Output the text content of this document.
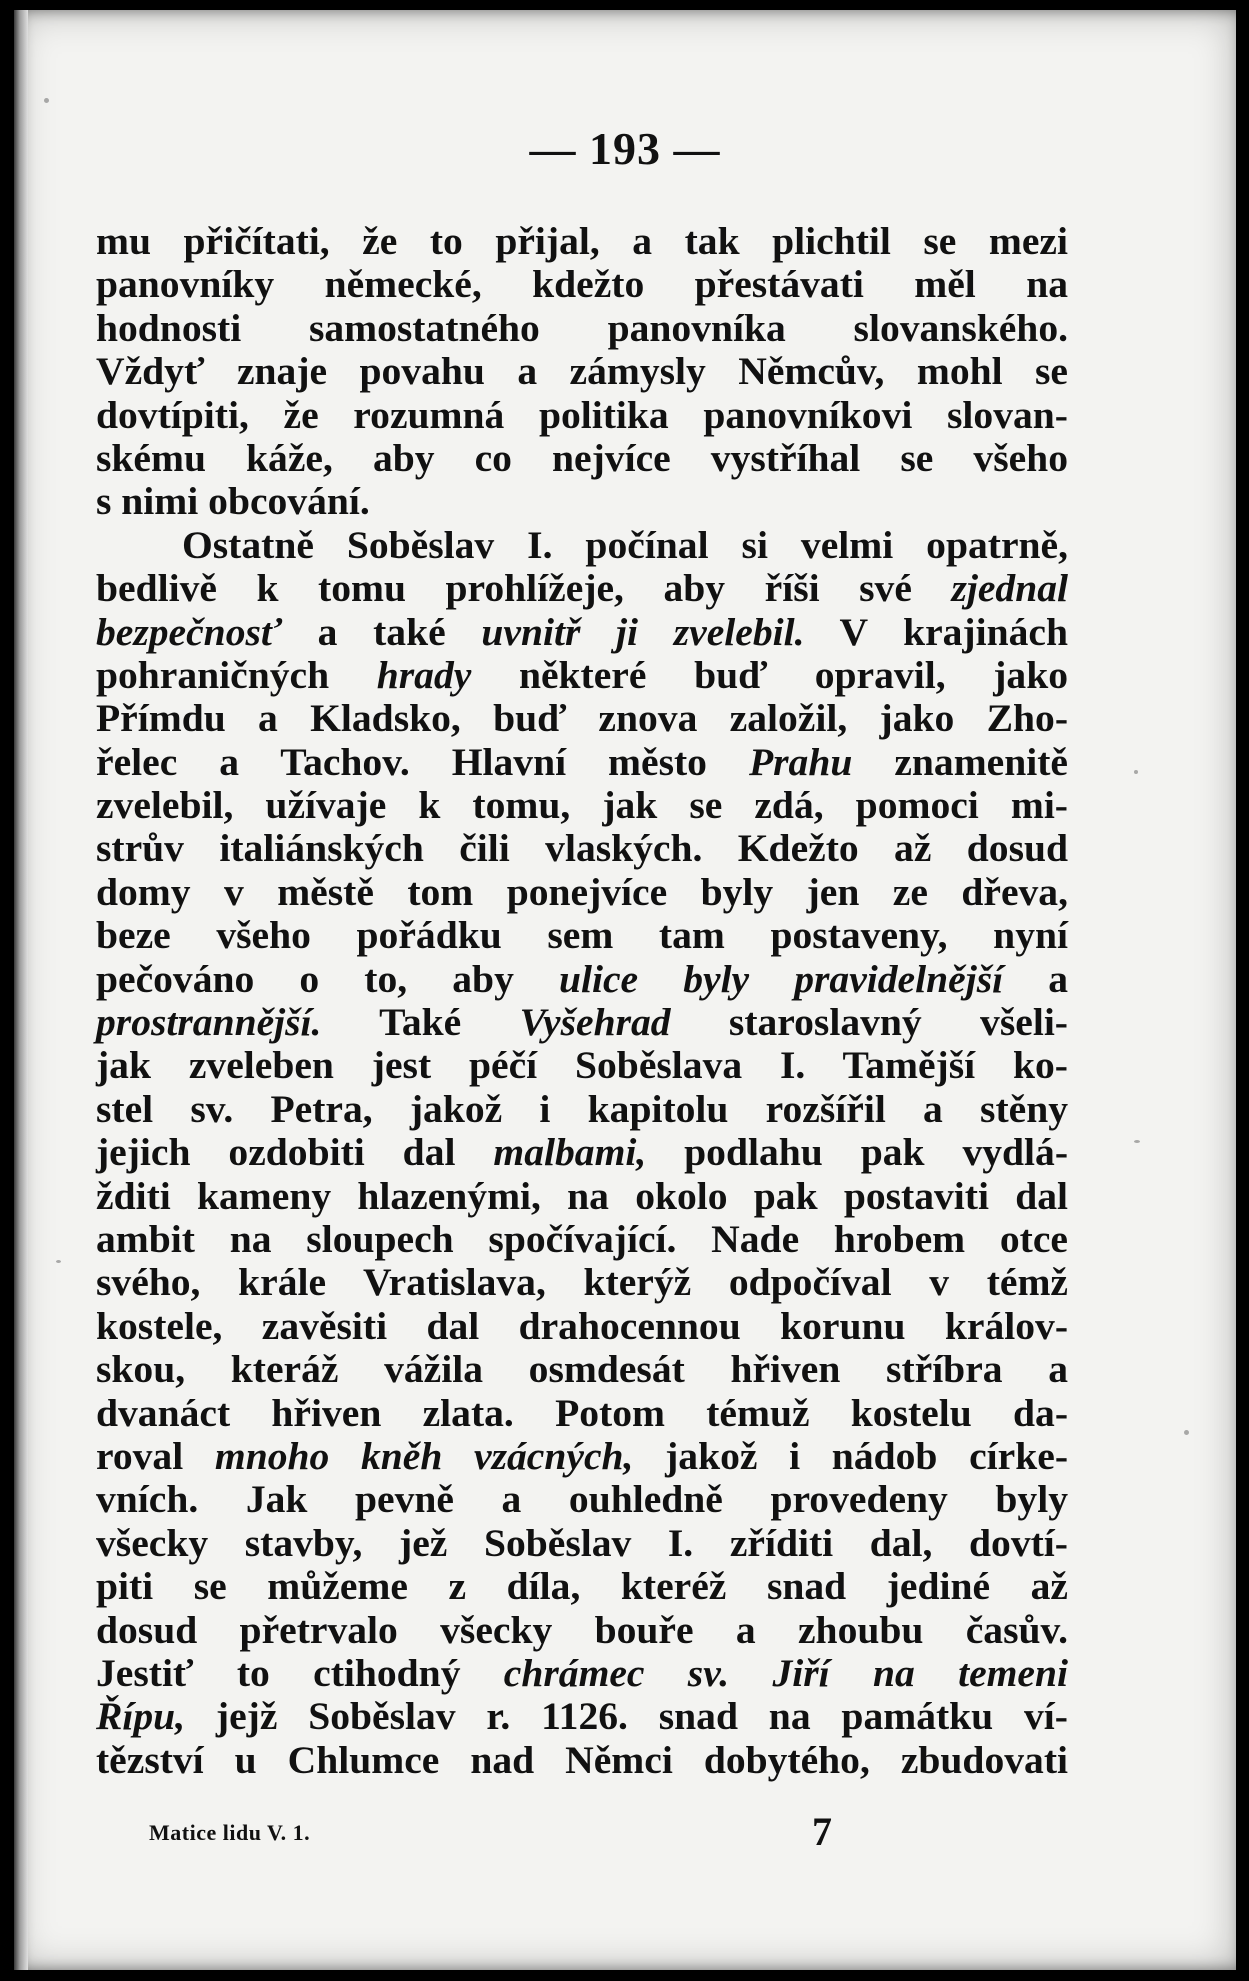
— 193 —
mu přičítati, že to přijal, a tak plichtil se mezi
panovníky německé, kdežto přestávati měl na
hodnosti samostatného panovníka slovanského.
Vždyť znaje povahu a zámysly Němcův, mohl se
dovtípiti, že rozumná politika panovníkovi slovan-
skému káže, aby co nejvíce vystříhal se všeho
s nimi obcování.
Ostatně Soběslav I. počínal si velmi opatrně,
bedlivě k tomu prohlížeje, aby říši své zjednal
bezpečnosť a také uvnitř ji zvelebil. V krajinách
pohraničných hrady některé buď opravil, jako
Přímdu a Kladsko, buď znova založil, jako Zho-
řelec a Tachov. Hlavní město Prahu znamenitě
zvelebil, užívaje k tomu, jak se zdá, pomoci mi-
strův italiánských čili vlaských. Kdežto až dosud
domy v městě tom ponejvíce byly jen ze dřeva,
beze všeho pořádku sem tam postaveny, nyní
pečováno o to, aby ulice byly pravidelnější a
prostrannější. Také Vyšehrad staroslavný všeli-
jak zveleben jest péčí Soběslava I. Tamější ko-
stel sv. Petra, jakož i kapitolu rozšířil a stěny
jejich ozdobiti dal malbami, podlahu pak vydlá-
žditi kameny hlazenými, na okolo pak postaviti dal
ambit na sloupech spočívající. Nade hrobem otce
svého, krále Vratislava, kterýž odpočíval v témž
kostele, zavěsiti dal drahocennou korunu králov-
skou, kteráž vážila osmdesát hřiven stříbra a
dvanáct hřiven zlata. Potom témuž kostelu da-
roval mnoho kněh vzácných, jakož i nádob círke-
vních. Jak pevně a ouhledně provedeny byly
všecky stavby, jež Soběslav I. zříditi dal, dovtí-
piti se můžeme z díla, kteréž snad jediné až
dosud přetrvalo všecky bouře a zhoubu časův.
Jestiť to ctihodný chrámec sv. Jiří na temeni
Řípu, jejž Soběslav r. 1126. snad na památku ví-
tězství u Chlumce nad Němci dobytého, zbudovati
Matice lidu V. 1.	7
